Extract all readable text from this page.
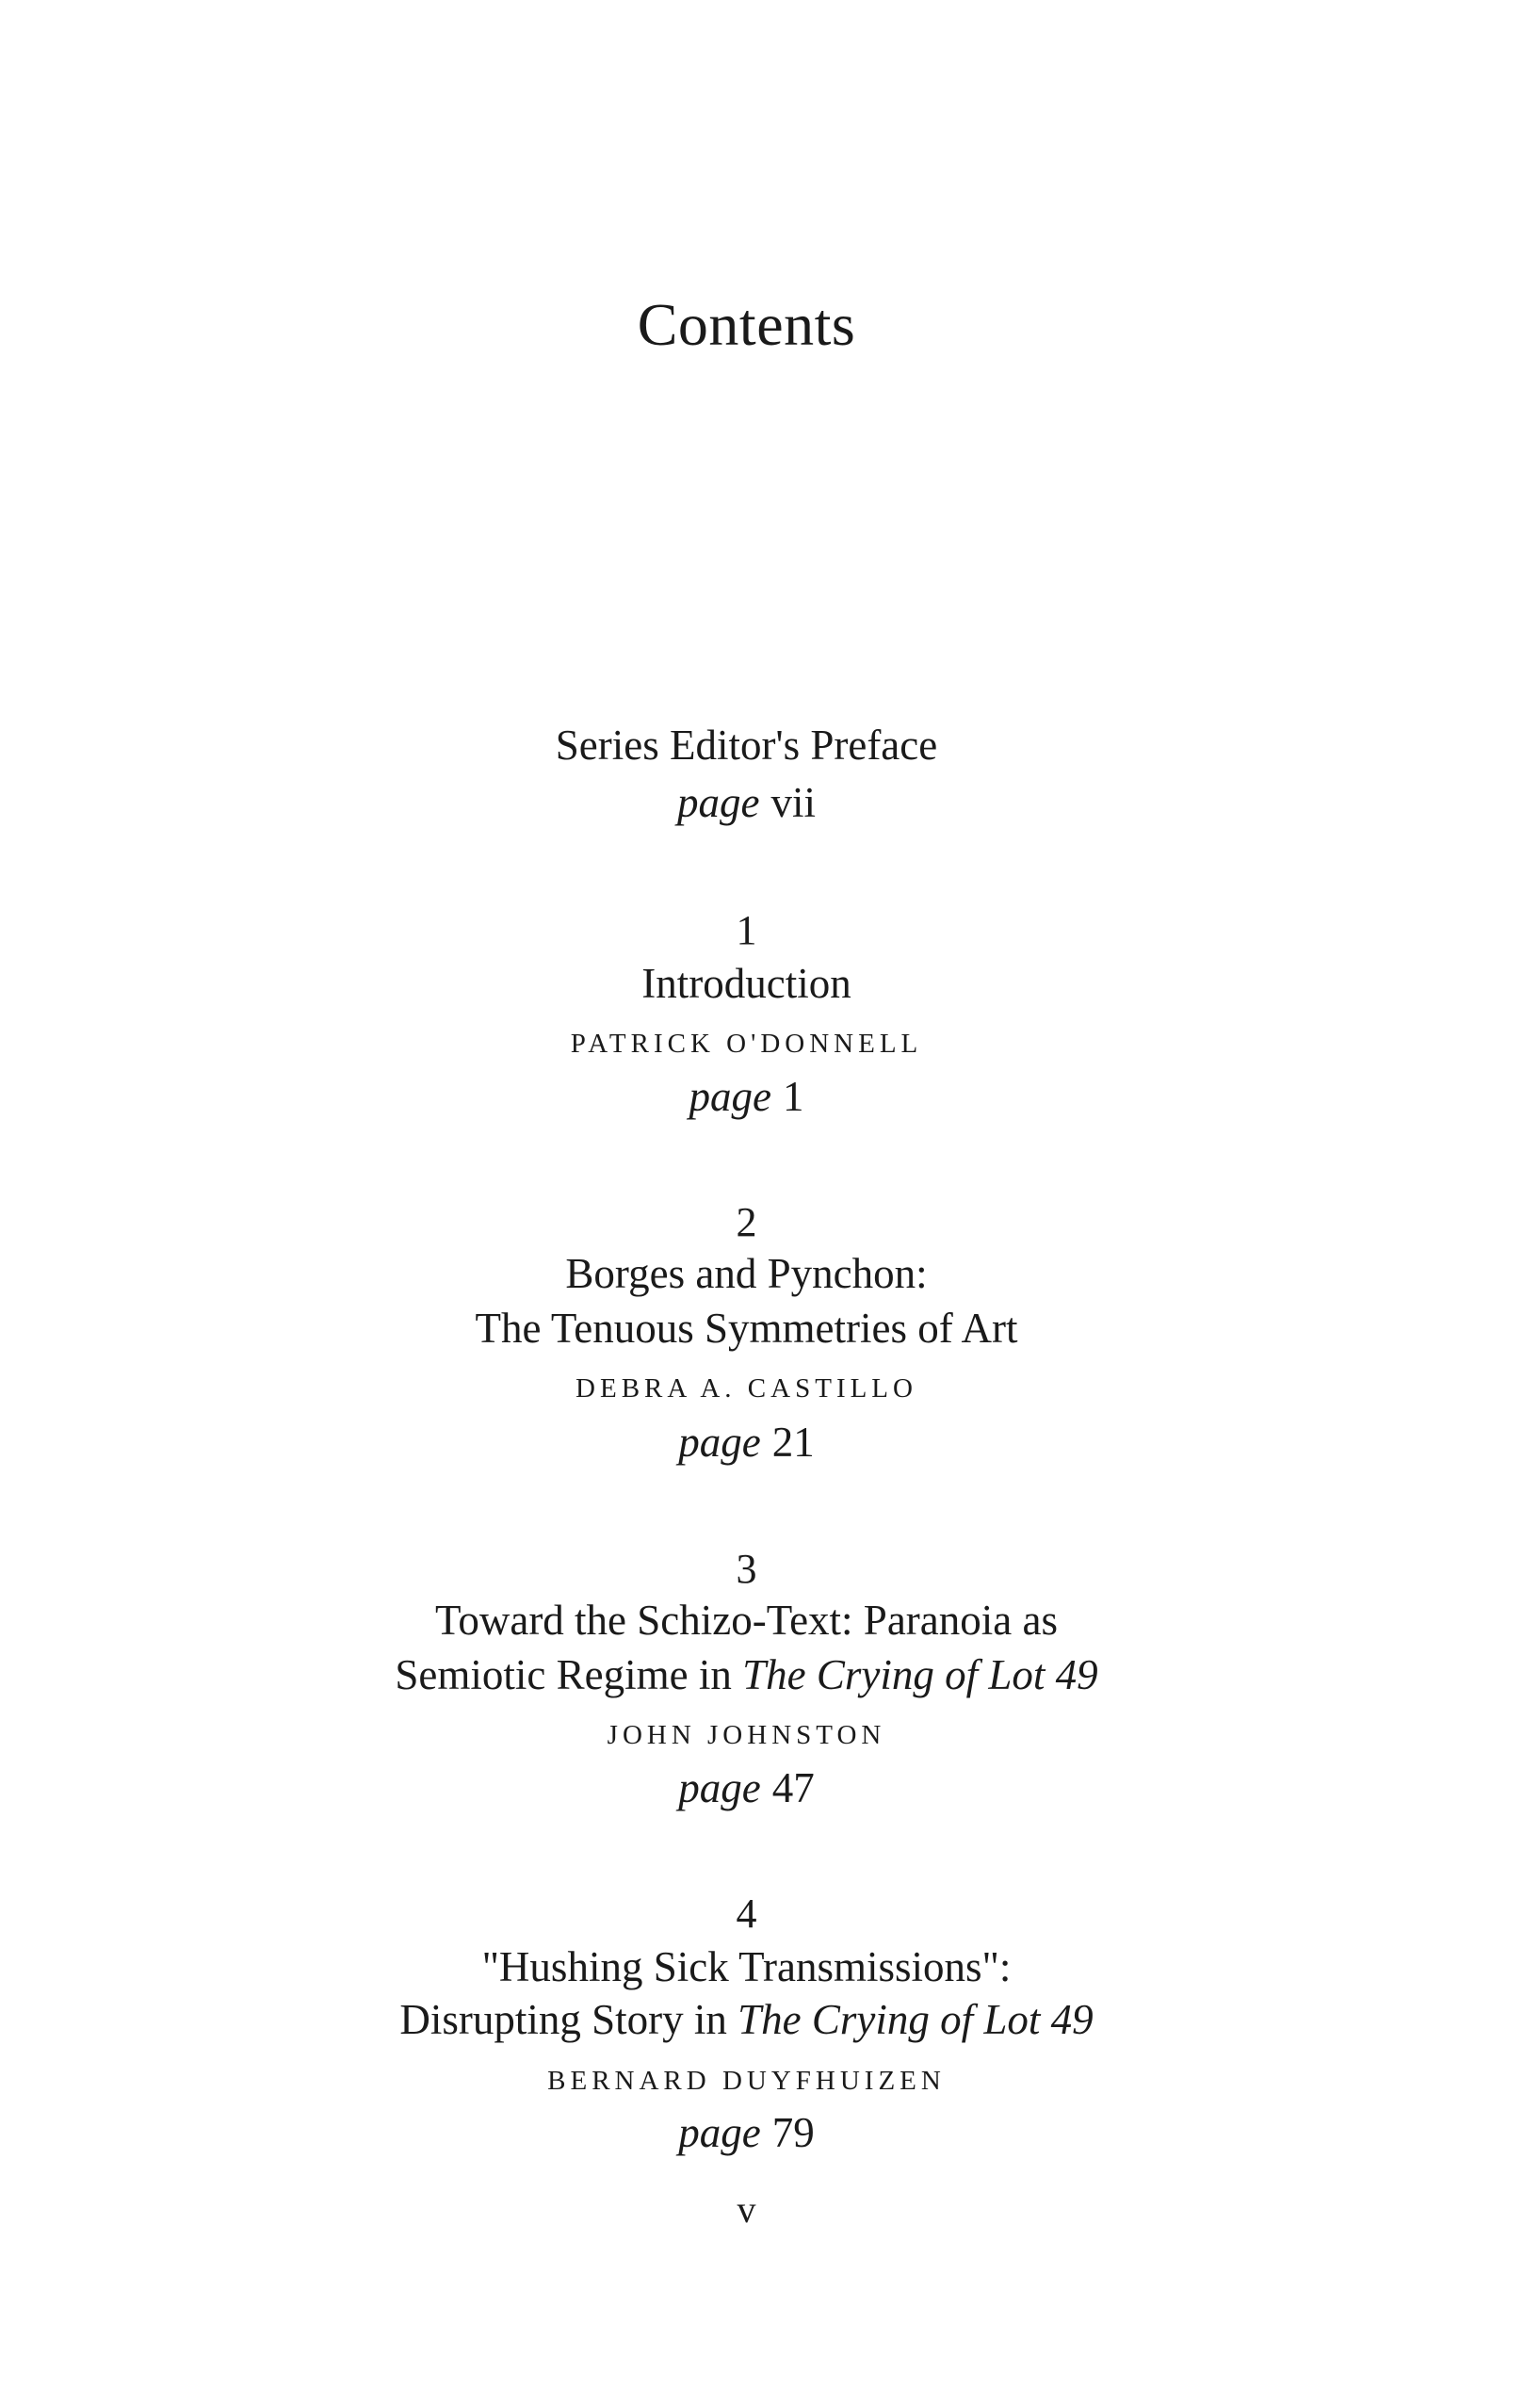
Contents
Series Editor's Preface
page vii
1
Introduction
PATRICK O'DONNELL
page 1
2
Borges and Pynchon:
The Tenuous Symmetries of Art
DEBRA A. CASTILLO
page 21
3
Toward the Schizo-Text: Paranoia as
Semiotic Regime in The Crying of Lot 49
JOHN JOHNSTON
page 47
4
"Hushing Sick Transmissions":
Disrupting Story in The Crying of Lot 49
BERNARD DUYFHUIZEN
page 79
v
